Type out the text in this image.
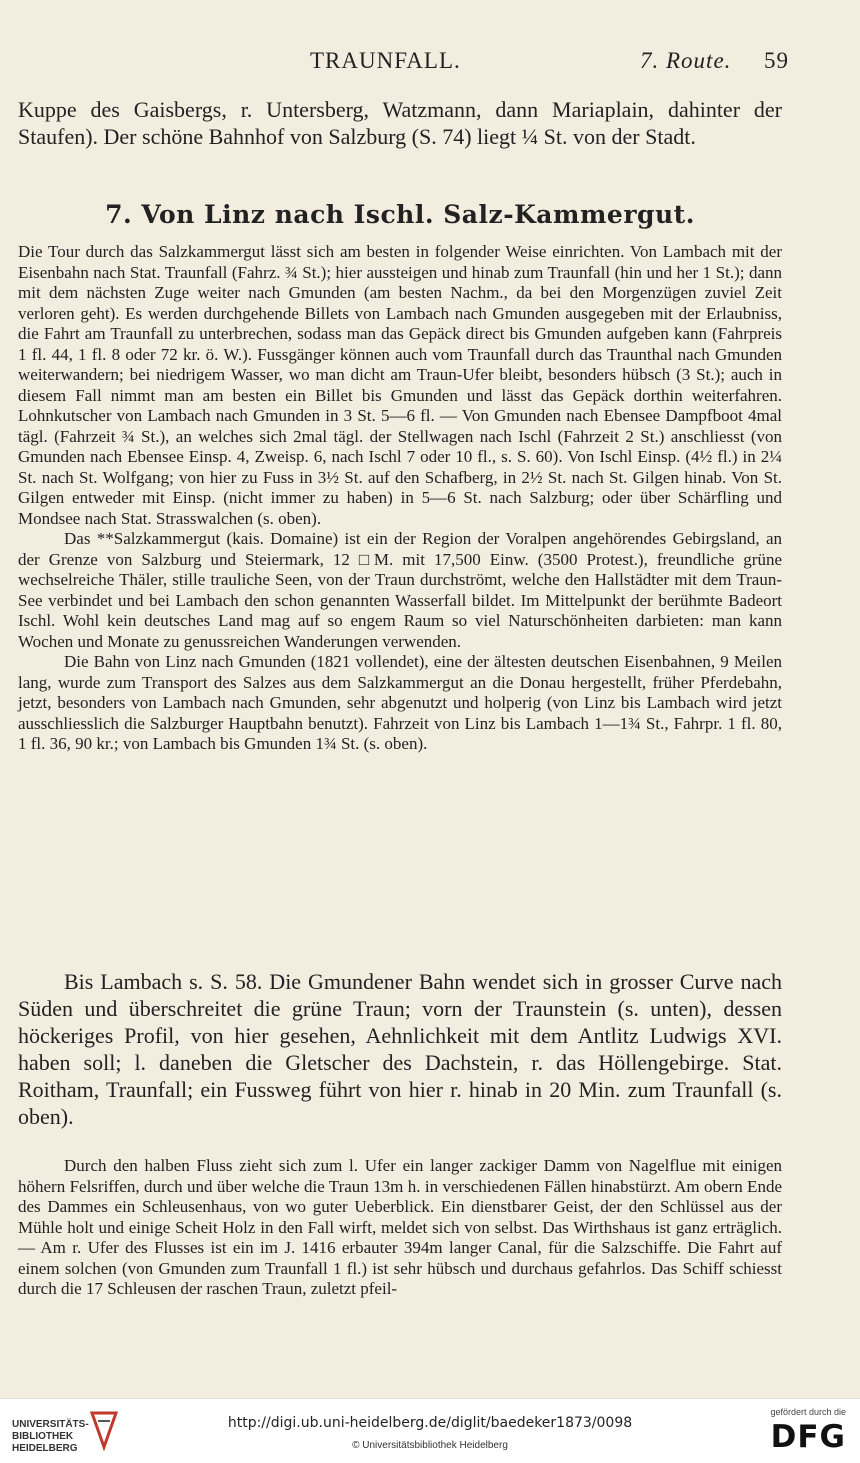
TRAUNFALL.	7. Route. 59

Kuppe des Gaisbergs, r. Untersberg, Watzmann, dann Mariaplain, dahinter der Staufen). Der schöne Bahnhof von Salzburg (S. 74) liegt ¼ St. von der Stadt.

7. Von Linz nach Ischl. Salz-Kammergut.

Die Tour durch das Salzkammergut lässt sich am besten in folgender Weise einrichten. Von Lambach mit der Eisenbahn nach Stat. Traunfall (Fahrz. ¾ St.); hier aussteigen und hinab zum Traunfall (hin und her 1 St.); dann mit dem nächsten Zuge weiter nach Gmunden (am besten Nachm., da bei den Morgenzügen zuviel Zeit verloren geht). Es werden durchgehende Billets von Lambach nach Gmunden ausgegeben mit der Erlaubniss, die Fahrt am Traunfall zu unterbrechen, sodass man das Gepäck direct bis Gmunden aufgeben kann (Fahrpreis 1 fl. 44, 1 fl. 8 oder 72 kr. ö. W.). Fussgänger können auch vom Traunfall durch das Traunthal nach Gmunden weiterwandern; bei niedrigem Wasser, wo man dicht am Traun-Ufer bleibt, besonders hübsch (3 St.); auch in diesem Fall nimmt man am besten ein Billet bis Gmunden und lässt das Gepäck dorthin weiterfahren. Lohnkutscher von Lambach nach Gmunden in 3 St. 5—6 fl. — Von Gmunden nach Ebensee Dampfboot 4mal tägl. (Fahrzeit ¾ St.), an welches sich 2mal tägl. der Stellwagen nach Ischl (Fahrzeit 2 St.) anschliesst (von Gmunden nach Ebensee Einsp. 4, Zweisp. 6, nach Ischl 7 oder 10 fl., s. S. 60). Von Ischl Einsp. (4½ fl.) in 2¼ St. nach St. Wolfgang; von hier zu Fuss in 3½ St. auf den Schafberg, in 2½ St. nach St. Gilgen hinab. Von St. Gilgen entweder mit Einsp. (nicht immer zu haben) in 5—6 St. nach Salzburg; oder über Schärfling und Mondsee nach Stat. Strasswalchen (s. oben).

Das **Salzkammergut (kais. Domaine) ist ein der Region der Voralpen angehörendes Gebirgsland, an der Grenze von Salzburg und Steiermark, 12 □M. mit 17,500 Einw. (3500 Protest.), freundliche grüne wechselreiche Thäler, stille trauliche Seen, von der Traun durchströmt, welche den Hallstädter mit dem Traun-See verbindet und bei Lambach den schon genannten Wasserfall bildet. Im Mittelpunkt der berühmte Badeort Ischl. Wohl kein deutsches Land mag auf so engem Raum so viel Naturschönheiten darbieten: man kann Wochen und Monate zu genussreichen Wanderungen verwenden.

Die Bahn von Linz nach Gmunden (1821 vollendet), eine der ältesten deutschen Eisenbahnen, 9 Meilen lang, wurde zum Transport des Salzes aus dem Salzkammergut an die Donau hergestellt, früher Pferdebahn, jetzt, besonders von Lambach nach Gmunden, sehr abgenutzt und holperig (von Linz bis Lambach wird jetzt ausschliesslich die Salzburger Hauptbahn benutzt). Fahrzeit von Linz bis Lambach 1—1¾ St., Fahrpr. 1 fl. 80, 1 fl. 36, 90 kr.; von Lambach bis Gmunden 1¾ St. (s. oben).

Bis Lambach s. S. 58. Die Gmundener Bahn wendet sich in grosser Curve nach Süden und überschreitet die grüne Traun; vorn der Traunstein (s. unten), dessen höckeriges Profil, von hier gesehen, Aehnlichkeit mit dem Antlitz Ludwigs XVI. haben soll; l. daneben die Gletscher des Dachstein, r. das Höllengebirge. Stat. Roitham, Traunfall; ein Fussweg führt von hier r. hinab in 20 Min. zum Traunfall (s. oben).

Durch den halben Fluss zieht sich zum l. Ufer ein langer zackiger Damm von Nagelflue mit einigen höhern Felsriffen, durch und über welche die Traun 13m h. in verschiedenen Fällen hinabstürzt. Am obern Ende des Dammes ein Schleusenhaus, von wo guter Ueberblick. Ein dienstbarer Geist, der den Schlüssel aus der Mühle holt und einige Scheit Holz in den Fall wirft, meldet sich von selbst. Das Wirthshaus ist ganz erträglich. — Am r. Ufer des Flusses ist ein im J. 1416 erbauter 394m langer Canal, für die Salzschiffe. Die Fahrt auf einem solchen (von Gmunden zum Traunfall 1 fl.) ist sehr hübsch und durchaus gefahrlos. Das Schiff schiesst durch die 17 Schleusen der raschen Traun, zuletzt pfeil-

UNIVERSITÄTS-
BIBLIOTHEK
HEIDELBERG
http://digi.ub.uni-heidelberg.de/diglit/baedeker1873/0098
© Universitätsbibliothek Heidelberg
gefördert durch die
DFG
